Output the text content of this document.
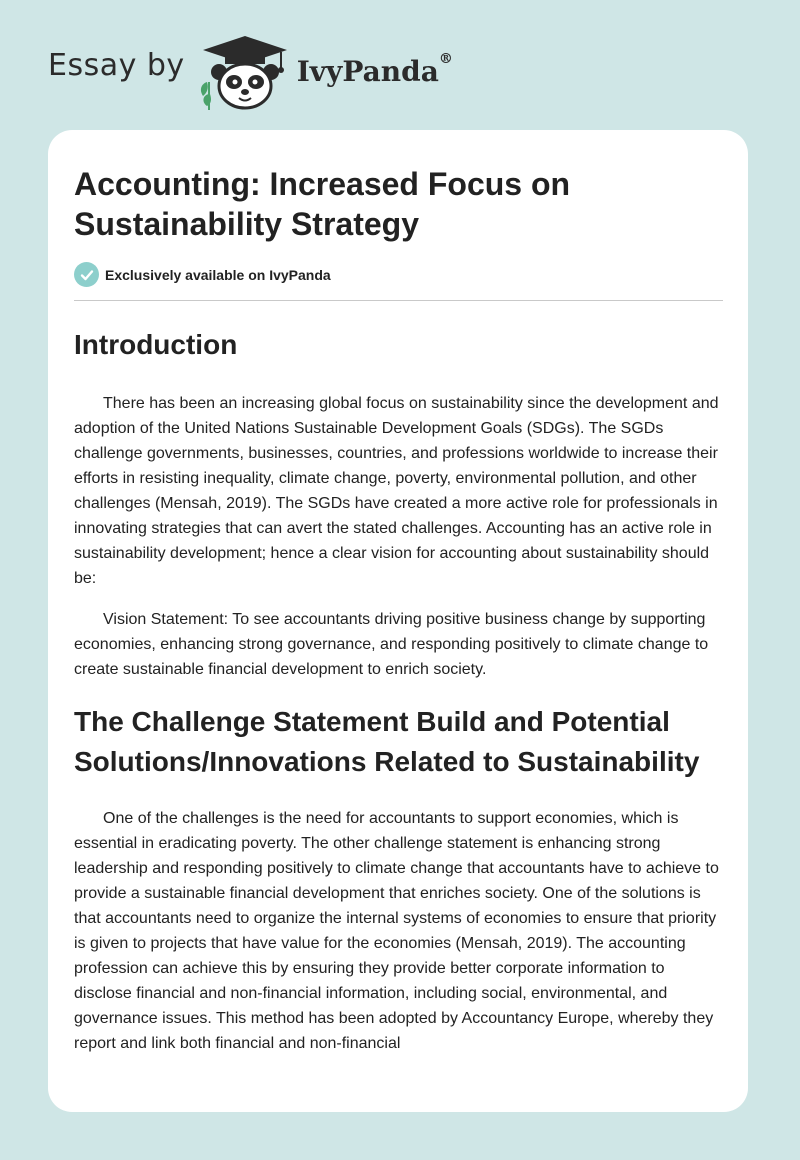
Essay by	IvyPanda®
Accounting: Increased Focus on Sustainability Strategy
Exclusively available on IvyPanda
Introduction

There has been an increasing global focus on sustainability since the development and adoption of the United Nations Sustainable Development Goals (SDGs). The SGDs challenge governments, businesses, countries, and professions worldwide to increase their efforts in resisting inequality, climate change, poverty, environmental pollution, and other challenges (Mensah, 2019). The SGDs have created a more active role for professionals in innovating strategies that can avert the stated challenges. Accounting has an active role in sustainability development; hence a clear vision for accounting about sustainability should be:

Vision Statement: To see accountants driving positive business change by supporting economies, enhancing strong governance, and responding positively to climate change to create sustainable financial development to enrich society.

The Challenge Statement Build and Potential Solutions/Innovations Related to Sustainability

One of the challenges is the need for accountants to support economies, which is essential in eradicating poverty. The other challenge statement is enhancing strong leadership and responding positively to climate change that accountants have to achieve to provide a sustainable financial development that enriches society. One of the solutions is that accountants need to organize the internal systems of economies to ensure that priority is given to projects that have value for the economies (Mensah, 2019). The accounting profession can achieve this by ensuring they provide better corporate information to disclose financial and non-financial information, including social, environmental, and governance issues. This method has been adopted by Accountancy Europe, whereby they report and link both financial and non-financial
